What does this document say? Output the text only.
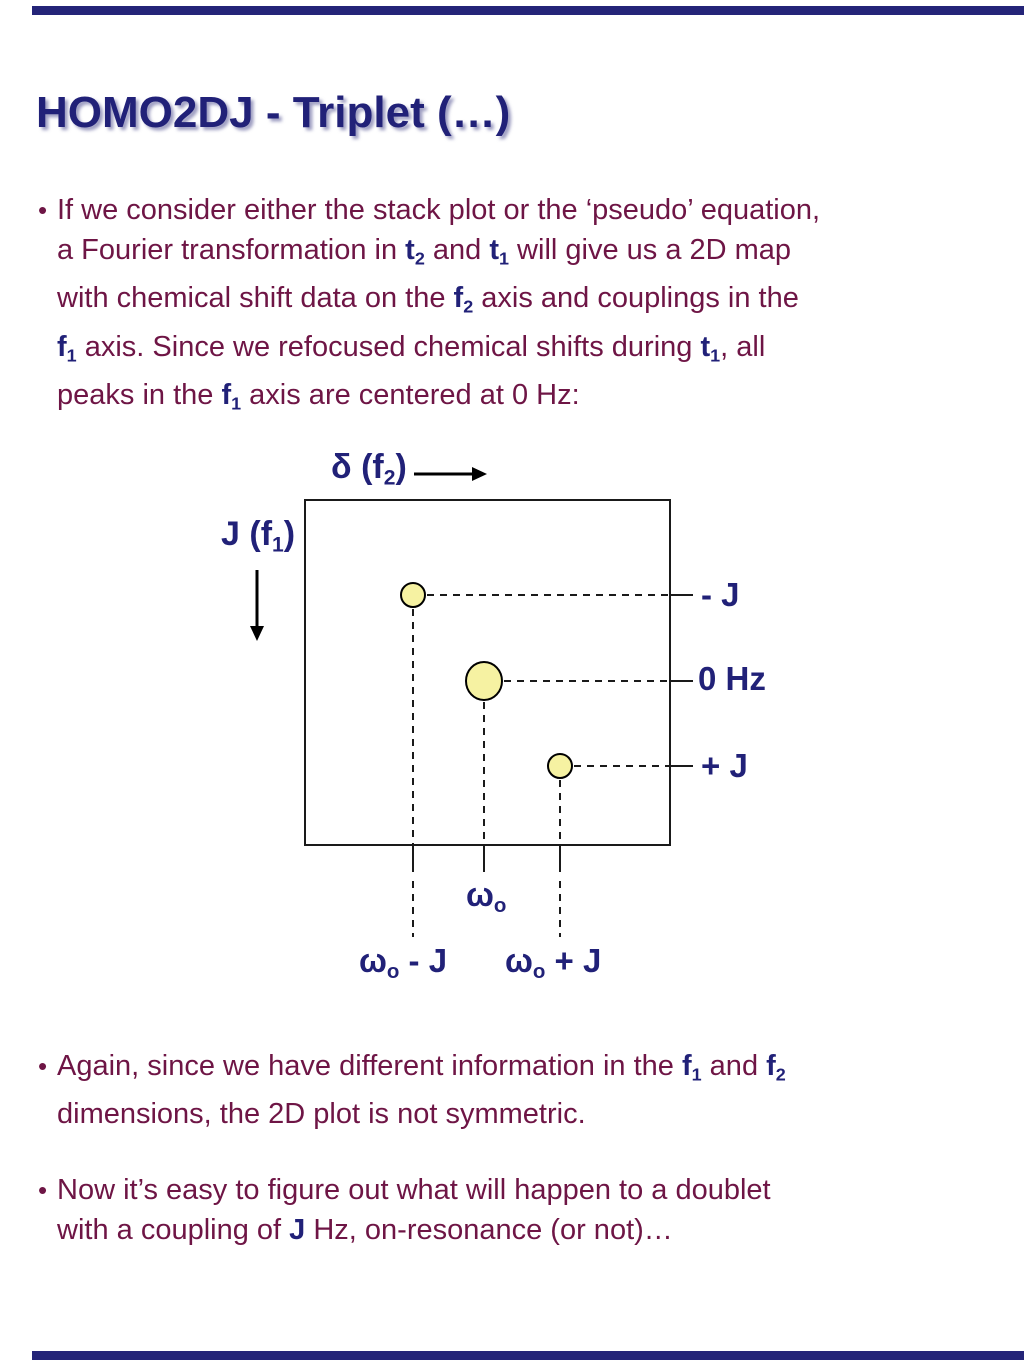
HOMO2DJ - Triplet (…)
• If we consider either the stack plot or the ‘pseudo’ equation,
a Fourier transformation in $t_2$ and $t_1$ will give us a 2D map
with chemical shift data on the $f_2$ axis and couplings in the
$f_1$ axis. Since we refocused chemical shifts during $t_1$, all
peaks in the $f_1$ axis are centered at 0 Hz:
δ $(f_2)$
J $(f_1)$
- J
0 Hz
+ J
$\omega_o$
$\omega_o$ - J $\omega_o + J$
• Again, since we have different information in the $f_1$ and $f_2$
dimensions, the 2D plot is not symmetric.
• Now it’s easy to figure out what will happen to a doublet
with a coupling of J Hz, on-resonance (or not)…
